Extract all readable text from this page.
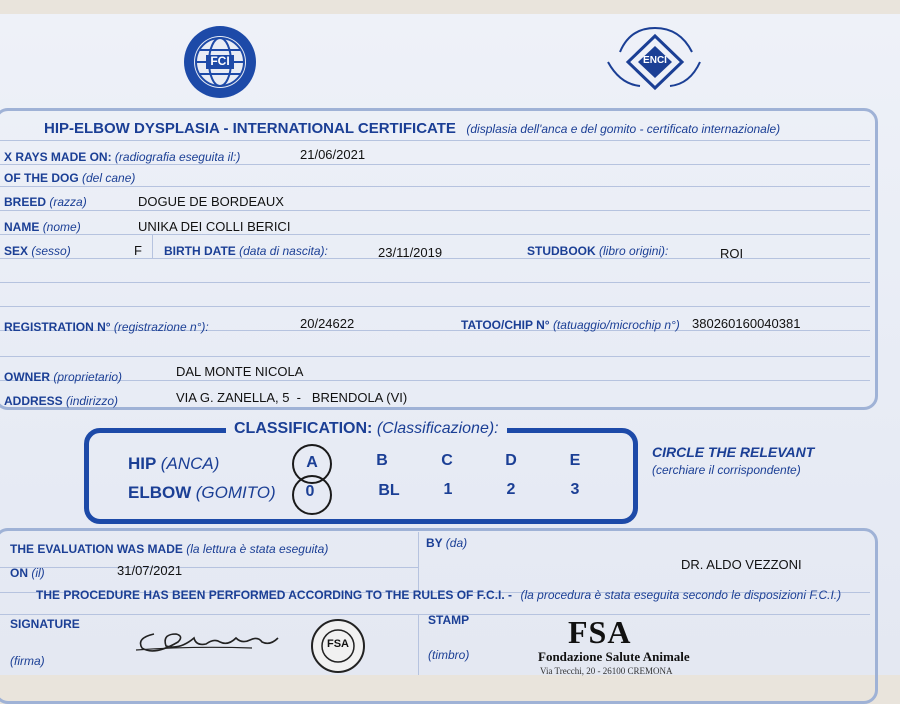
FCI	ENCI
HIP-ELBOW DYSPLASIA - INTERNATIONAL CERTIFICATE (displasia dell'anca e del gomito - certificato internazionale)
X RAYS MADE ON: (radiografia eseguita il:)	21/06/2021
OF THE DOG (del cane)
BREED (razza)	DOGUE DE BORDEAUX
NAME (nome)	UNIKA DEI COLLI BERICI
SEX (sesso)	F BIRTH DATE (data di nascita):	23/11/2019	STUDBOOK (libro origini):	ROI
REGISTRATION N° (registrazione n°):	20/24622	TATOO/CHIP N° (tatuaggio/microchip n°) 380260160040381
OWNER (proprietario)	DAL MONTE NICOLA
ADDRESS (indirizzo)	VIA G. ZANELLA, 5  -   BRENDOLA (VI)
CLASSIFICATION: (Classificazione):
HIP (ANCA)
ELBOW (GOMITO)
A	B	C	D	E
0	BL	1	2	3
CIRCLE THE RELEVANT
(cerchiare il corrispondente)
THE EVALUATION WAS MADE (la lettura è stata eseguita)
ON (il)	31/07/2021
BY (da)
DR. ALDO VEZZONI
THE PROCEDURE HAS BEEN PERFORMED ACCORDING TO THE RULES OF F.C.I. - (la procedura è stata eseguita secondo le disposizioni F.C.I.)
SIGNATURE
(firma)
FSA
STAMP
(timbro)
FSA
Fondazione Salute Animale
Via Trecchi, 20 - 26100 CREMONA
